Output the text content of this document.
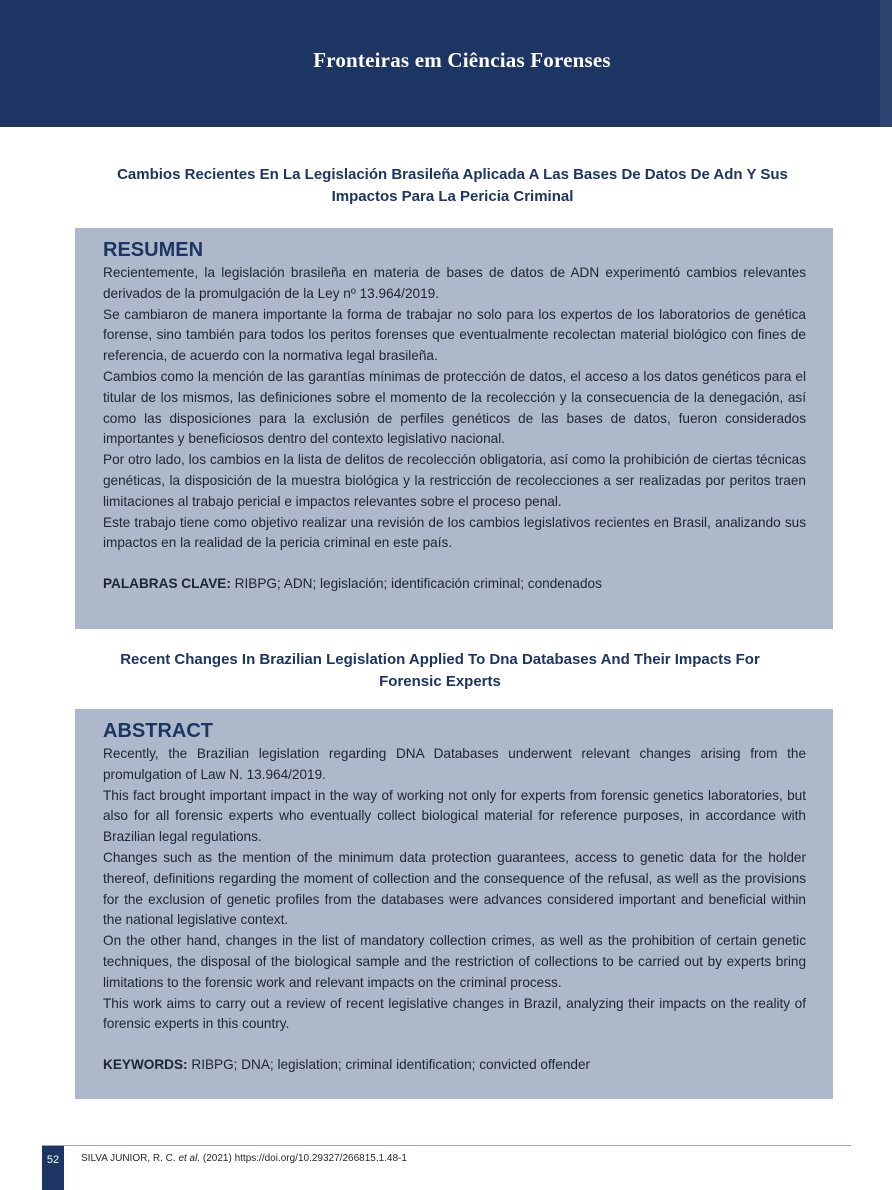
Fronteiras em Ciências Forenses
Cambios Recientes En La Legislación Brasileña Aplicada A Las Bases De Datos De Adn Y Sus Impactos Para La Pericia Criminal
RESUMEN

Recientemente, la legislación brasileña en materia de bases de datos de ADN experimentó cambios relevantes derivados de la promulgación de la Ley nº 13.964/2019.

Se cambiaron de manera importante la forma de trabajar no solo para los expertos de los laboratorios de genética forense, sino también para todos los peritos forenses que eventualmente recolectan material biológico con fines de referencia, de acuerdo con la normativa legal brasileña.

Cambios como la mención de las garantías mínimas de protección de datos, el acceso a los datos genéticos para el titular de los mismos, las definiciones sobre el momento de la recolección y la consecuencia de la denegación, así como las disposiciones para la exclusión de perfiles genéticos de las bases de datos, fueron considerados importantes y beneficiosos dentro del contexto legislativo nacional.

Por otro lado, los cambios en la lista de delitos de recolección obligatoria, así como la prohibición de ciertas técnicas genéticas, la disposición de la muestra biológica y la restricción de recolecciones a ser realizadas por peritos traen limitaciones al trabajo pericial e impactos relevantes sobre el proceso penal.

Este trabajo tiene como objetivo realizar una revisión de los cambios legislativos recientes en Brasil, analizando sus impactos en la realidad de la pericia criminal en este país.

PALABRAS CLAVE: RIBPG; ADN; legislación; identificación criminal; condenados
Recent Changes In Brazilian Legislation Applied To Dna Databases And Their Impacts For Forensic Experts
ABSTRACT

Recently, the Brazilian legislation regarding DNA Databases underwent relevant changes arising from the promulgation of Law N. 13.964/2019.

This fact brought important impact in the way of working not only for experts from forensic genetics laboratories, but also for all forensic experts who eventually collect biological material for reference purposes, in accordance with Brazilian legal regulations.

Changes such as the mention of the minimum data protection guarantees, access to genetic data for the holder thereof, definitions regarding the moment of collection and the consequence of the refusal, as well as the provisions for the exclusion of genetic profiles from the databases were advances considered important and beneficial within the national legislative context.

On the other hand, changes in the list of mandatory collection crimes, as well as the prohibition of certain genetic techniques, the disposal of the biological sample and the restriction of collections to be carried out by experts bring limitations to the forensic work and relevant impacts on the criminal process.

This work aims to carry out a review of recent legislative changes in Brazil, analyzing their impacts on the reality of forensic experts in this country.

KEYWORDS: RIBPG; DNA; legislation; criminal identification; convicted offender
52	SILVA JUNIOR, R. C. et al. (2021) https://doi.org/10.29327/266815.1.48-1
